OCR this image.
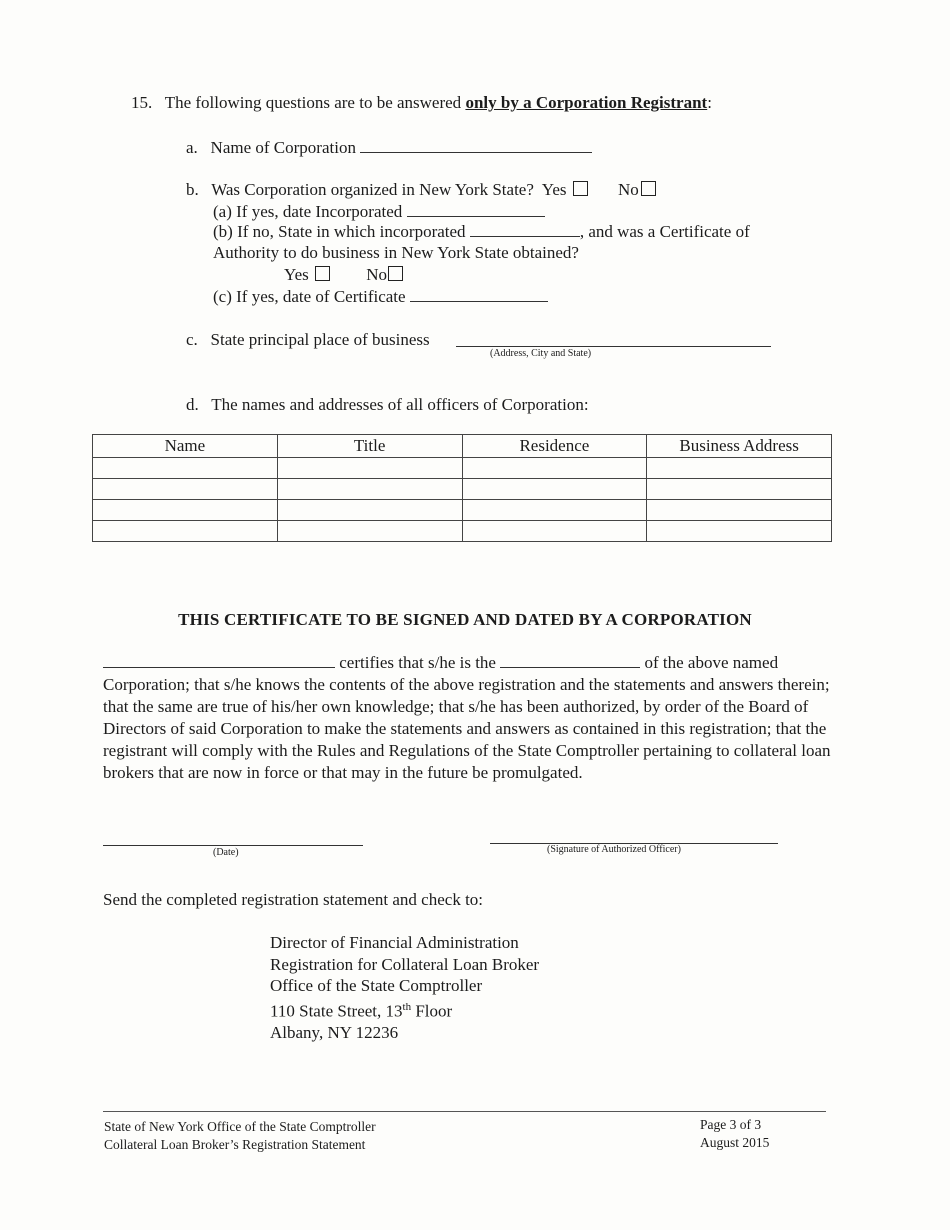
15. The following questions are to be answered only by a Corporation Registrant:
a. Name of Corporation
b. Was Corporation organized in New York State? Yes	No
(a) If yes, date Incorporated
(b) If no, State in which incorporated	, and was a Certificate of
Authority to do business in New York State obtained?
Yes	No
(c) If yes, date of Certificate
c. State principal place of business
(Address, City and State)
d. The names and addresses of all officers of Corporation:
Name	Title	Residence	Business Address

THIS CERTIFICATE TO BE SIGNED AND DATED BY A CORPORATION
certifies that s/he is the	of the above named
Corporation; that s/he knows the contents of the above registration and the statements and answers therein; that the same are true of his/her own knowledge; that s/he has been authorized, by order of the Board of Directors of said Corporation to make the statements and answers as contained in this registration; that the registrant will comply with the Rules and Regulations of the State Comptroller pertaining to collateral loan brokers that are now in force or that may in the future be promulgated.
(Date)	(Signature of Authorized Officer)
Send the completed registration statement and check to:
Director of Financial Administration
Registration for Collateral Loan Broker
Office of the State Comptroller
110 State Street, 13th Floor
Albany, NY 12236
State of New York Office of the State Comptroller
Collateral Loan Broker’s Registration Statement
Page 3 of 3
August 2015
